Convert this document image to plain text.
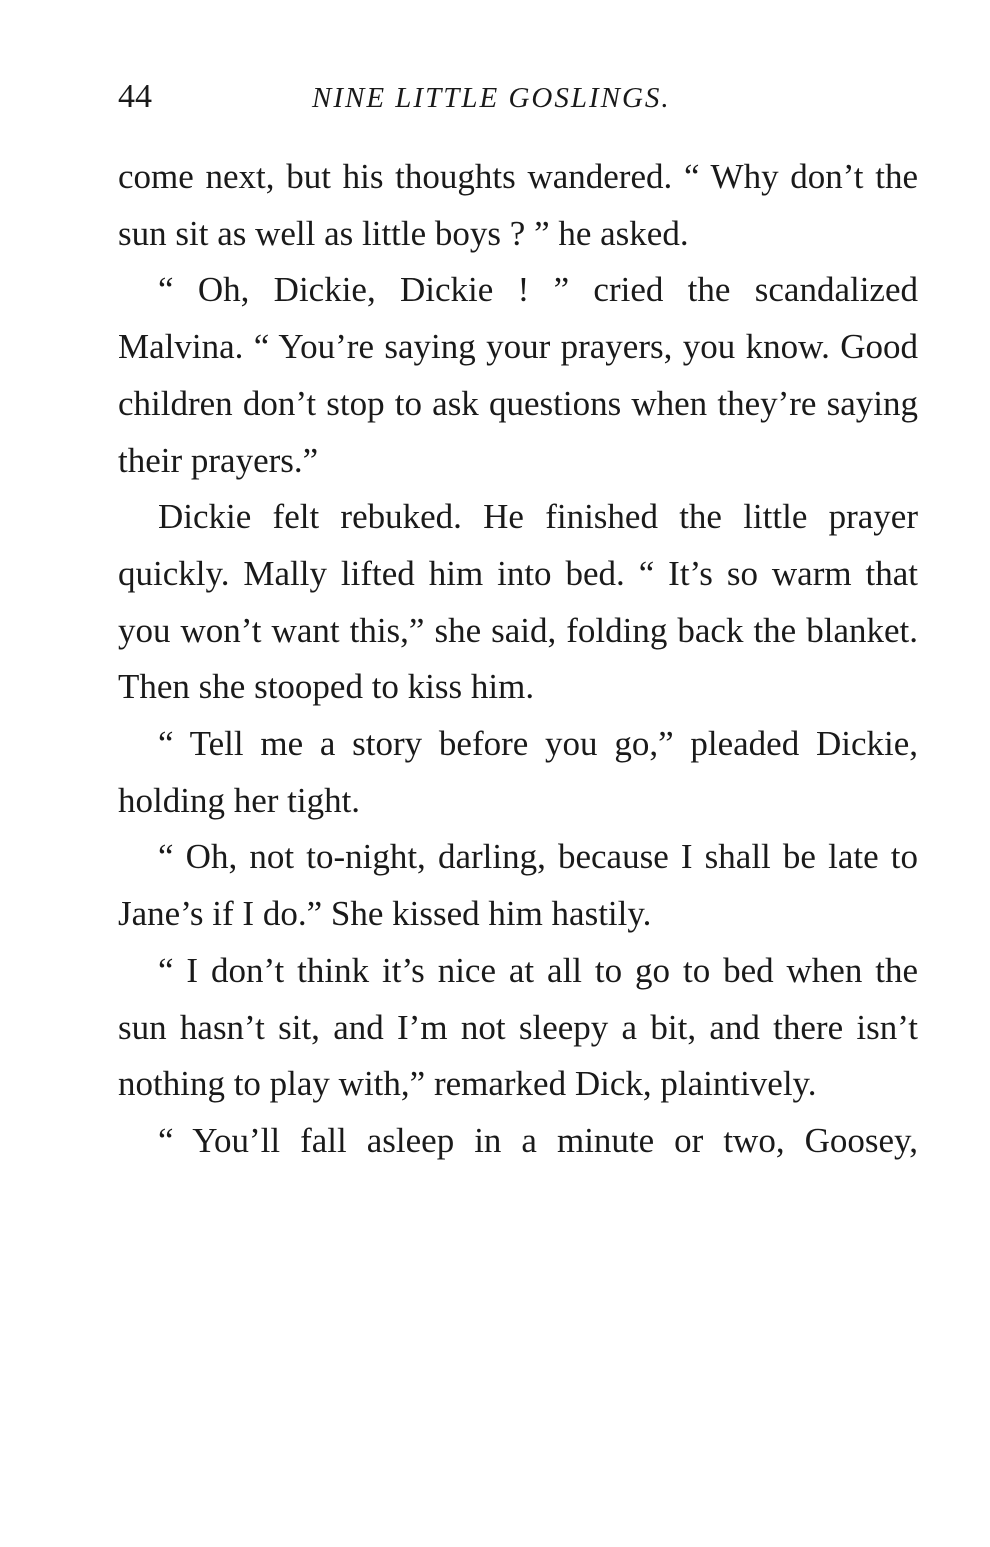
44	NINE LITTLE GOSLINGS.

come next, but his thoughts wandered. “ Why don’t the sun sit as well as little boys ? ” he asked.

“ Oh, Dickie, Dickie ! ” cried the scandalized Malvina. “ You’re saying your prayers, you know. Good children don’t stop to ask questions when they’re saying their prayers.”

Dickie felt rebuked. He finished the little prayer quickly. Mally lifted him into bed. “ It’s so warm that you won’t want this,” she said, folding back the blanket. Then she stooped to kiss him.

“ Tell me a story before you go,” pleaded Dickie, holding her tight.

“ Oh, not to-night, darling, because I shall be late to Jane’s if I do.” She kissed him hastily.

“ I don’t think it’s nice at all to go to bed when the sun hasn’t sit, and I’m not sleepy a bit, and there isn’t nothing to play with,” remarked Dick, plaintively.

“ You’ll fall asleep in a minute or two, Goosey,
